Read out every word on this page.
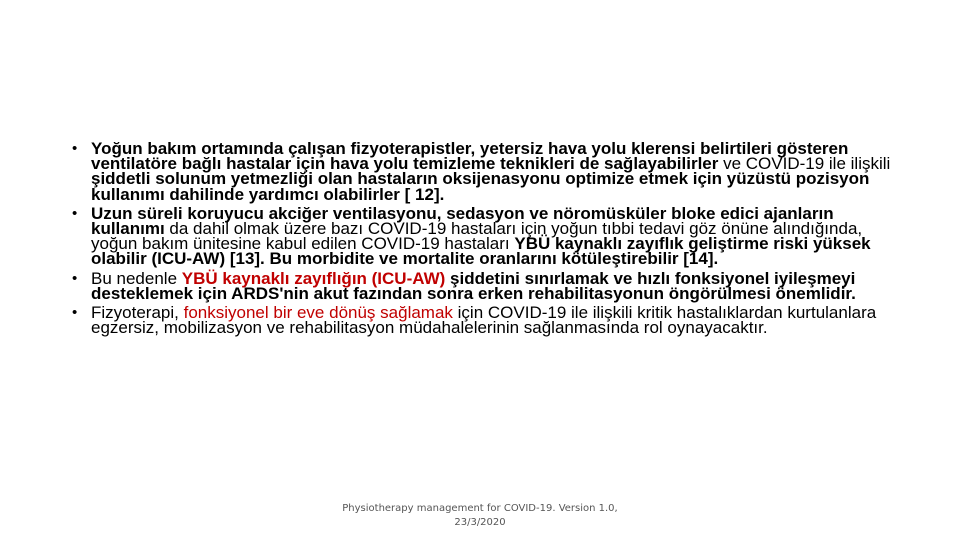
• Yoğun bakım ortamında çalışan fizyoterapistler, yetersiz hava yolu klerensi belirtileri gösteren ventilatöre bağlı hastalar için hava yolu temizleme teknikleri de sağlayabilirler ve COVID-19 ile ilişkili şiddetli solunum yetmezliği olan hastaların oksijenasyonu optimize etmek için yüzüstü pozisyon kullanımı dahilinde yardımcı olabilirler [ 12].
• Uzun süreli koruyucu akciğer ventilasyonu, sedasyon ve nöromüsküler bloke edici ajanların kullanımı da dahil olmak üzere bazı COVID-19 hastaları için yoğun tıbbi tedavi göz önüne alındığında, yoğun bakım ünitesine kabul edilen COVID-19 hastaları YBÜ kaynaklı zayıflık geliştirme riski yüksek olabilir (ICU-AW) [13]. Bu morbidite ve mortalite oranlarını kötüleştirebilir [14].
• Bu nedenle YBÜ kaynaklı zayıflığın (ICU-AW) şiddetini sınırlamak ve hızlı fonksiyonel iyileşmeyi desteklemek için ARDS'nin akut fazından sonra erken rehabilitasyonun öngörülmesi önemlidir.
• Fizyoterapi, fonksiyonel bir eve dönüş sağlamak için COVID-19 ile ilişkili kritik hastalıklardan kurtulanlara egzersiz, mobilizasyon ve rehabilitasyon müdahalelerinin sağlanmasında rol oynayacaktır.
Physiotherapy management for COVID-19. Version 1.0,
23/3/2020
